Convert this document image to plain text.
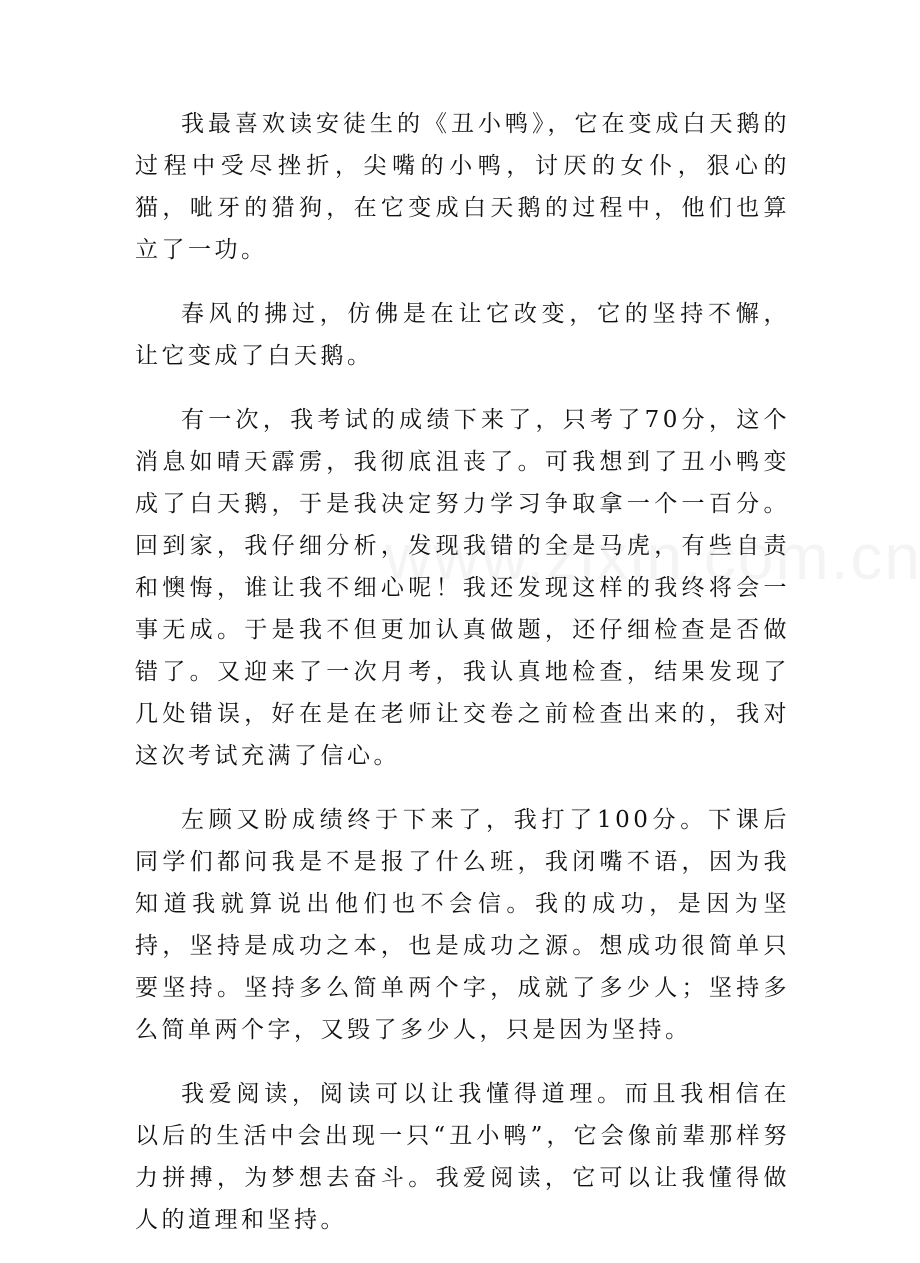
我最喜欢读安徒生的《丑小鸭》，它在变成白天鹅的过程中受尽挫折，尖嘴的小鸭，讨厌的女仆，狠心的猫，呲牙的猎狗，在它变成白天鹅的过程中，他们也算立了一功。

春风的拂过，仿佛是在让它改变，它的坚持不懈，让它变成了白天鹅。

有一次，我考试的成绩下来了，只考了70分，这个消息如晴天霹雳，我彻底沮丧了。可我想到了丑小鸭变成了白天鹅，于是我决定努力学习争取拿一个一百分。回到家，我仔细分析，发现我错的全是马虎，有些自责和懊悔，谁让我不细心呢！我还发现这样的我终将会一事无成。于是我不但更加认真做题，还仔细检查是否做错了。又迎来了一次月考，我认真地检查，结果发现了几处错误，好在是在老师让交卷之前检查出来的，我对这次考试充满了信心。

左顾又盼成绩终于下来了，我打了100分。下课后同学们都问我是不是报了什么班，我闭嘴不语，因为我知道我就算说出他们也不会信。我的成功，是因为坚持，坚持是成功之本，也是成功之源。想成功很简单只要坚持。坚持多么简单两个字，成就了多少人；坚持多么简单两个字，又毁了多少人，只是因为坚持。

我爱阅读，阅读可以让我懂得道理。而且我相信在以后的生活中会出现一只“丑小鸭”，它会像前辈那样努力拼搏，为梦想去奋斗。我爱阅读，它可以让我懂得做人的道理和坚持。
